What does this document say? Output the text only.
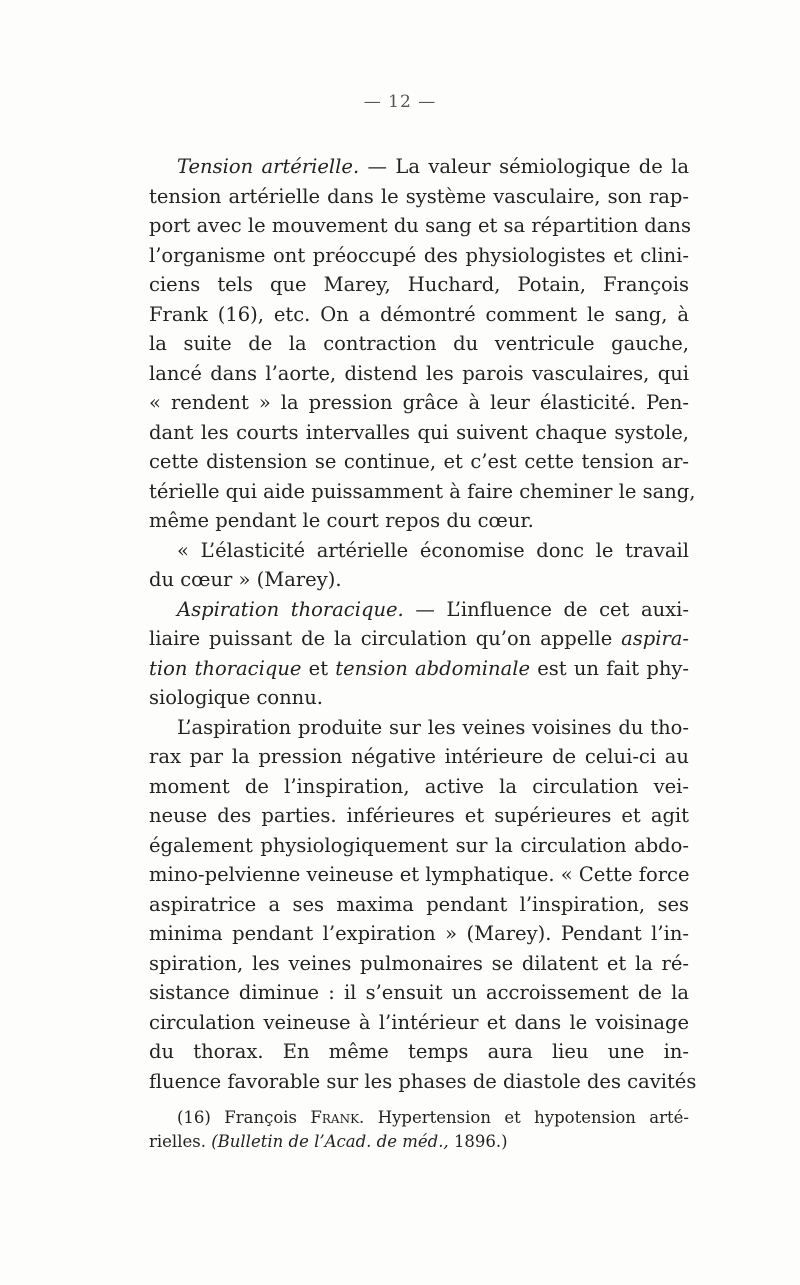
— 12 —
Tension artérielle. — La valeur sémiologique de la
tension artérielle dans le système vasculaire, son rap-
port avec le mouvement du sang et sa répartition dans
l’organisme ont préoccupé des physiologistes et clini-
ciens tels que Marey, Huchard, Potain, François
Frank (16), etc. On a démontré comment le sang, à
la suite de la contraction du ventricule gauche,
lancé dans l’aorte, distend les parois vasculaires, qui
« rendent » la pression grâce à leur élasticité. Pen-
dant les courts intervalles qui suivent chaque systole,
cette distension se continue, et c’est cette tension ar-
térielle qui aide puissamment à faire cheminer le sang,
même pendant le court repos du cœur.
« L’élasticité artérielle économise donc le travail
du cœur » (Marey).
Aspiration thoracique. — L’influence de cet auxi-
liaire puissant de la circulation qu’on appelle aspira-
tion thoracique et tension abdominale est un fait phy-
siologique connu.
L’aspiration produite sur les veines voisines du tho-
rax par la pression négative intérieure de celui-ci au
moment de l’inspiration, active la circulation vei-
neuse des parties. inférieures et supérieures et agit
également physiologiquement sur la circulation abdo-
mino-pelvienne veineuse et lymphatique. « Cette force
aspiratrice a ses maxima pendant l’inspiration, ses
minima pendant l’expiration » (Marey). Pendant l’in-
spiration, les veines pulmonaires se dilatent et la ré-
sistance diminue : il s’ensuit un accroissement de la
circulation veineuse à l’intérieur et dans le voisinage
du thorax. En même temps aura lieu une in-
fluence favorable sur les phases de diastole des cavités
(16) François Frank. Hypertension et hypotension arté-
rielles. (Bulletin de l’Acad. de méd., 1896.)
